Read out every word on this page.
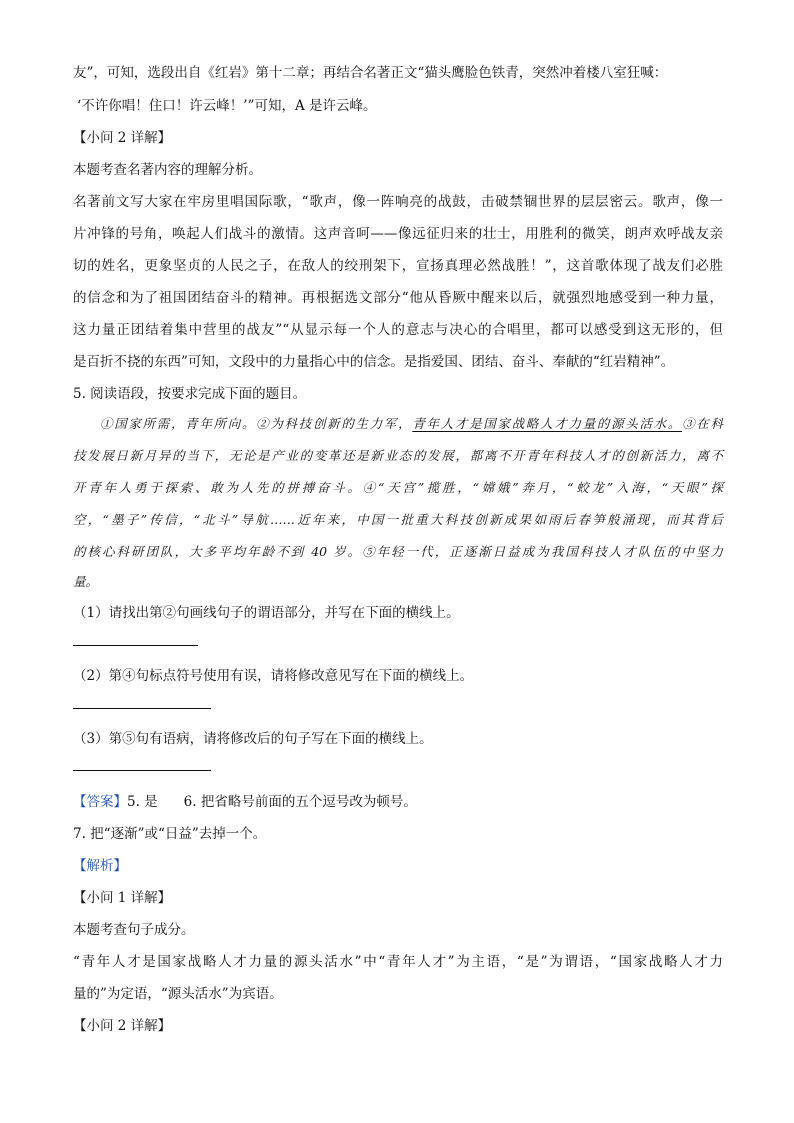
友”，可知，选段出自《红岩》第十二章；再结合名著正文“猫头鹰脸色铁青，突然冲着楼八室狂喊：
‘不许你唱！住口！许云峰！’”可知，A 是许云峰。
【小问 2 详解】
本题考查名著内容的理解分析。
名著前文写大家在牢房里唱国际歌，“歌声，像一阵响亮的战鼓，击破禁锢世界的层层密云。歌声，像一
片冲锋的号角，唤起人们战斗的激情。这声音呵——像远征归来的壮士，用胜利的微笑，朗声欢呼战友亲
切的姓名，更象坚贞的人民之子，在敌人的绞刑架下，宣扬真理必然战胜！”，这首歌体现了战友们必胜
的信念和为了祖国团结奋斗的精神。再根据选文部分“他从昏厥中醒来以后，就强烈地感受到一种力量，
这力量正团结着集中营里的战友”“从显示每一个人的意志与决心的合唱里，都可以感受到这无形的，但
是百折不挠的东西”可知，文段中的力量指心中的信念。是指爱国、团结、奋斗、奉献的“红岩精神”。
5. 阅读语段，按要求完成下面的题目。
①国家所需，青年所向。②为科技创新的生力军，青年人才是国家战略人才力量的源头活水。③在科
技发展日新月异的当下，无论是产业的变革还是新业态的发展，都离不开青年科技人才的创新活力，离不
开青年人勇于探索、敢为人先的拼搏奋斗。④“天宫”揽胜，“嫦娥”奔月，“蛟龙”入海，“天眼”探
空，“墨子”传信，“北斗”导航……近年来，中国一批重大科技创新成果如雨后春笋般涌现，而其背后
的核心科研团队，大多平均年龄不到 40 岁。⑤年轻一代，正逐渐日益成为我国科技人才队伍的中坚力
量。
（1）请找出第②句画线句子的谓语部分，并写在下面的横线上。
（2）第④句标点符号使用有误，请将修改意见写在下面的横线上。
（3）第⑤句有语病，请将修改后的句子写在下面的横线上。
【答案】5. 是 6. 把省略号前面的五个逗号改为顿号。
7. 把“逐渐”或“日益”去掉一个。
【解析】
【小问 1 详解】
本题考查句子成分。
“青年人才是国家战略人才力量的源头活水”中“青年人才”为主语，“是”为谓语，“国家战略人才力
量的”为定语，“源头活水”为宾语。
【小问 2 详解】
